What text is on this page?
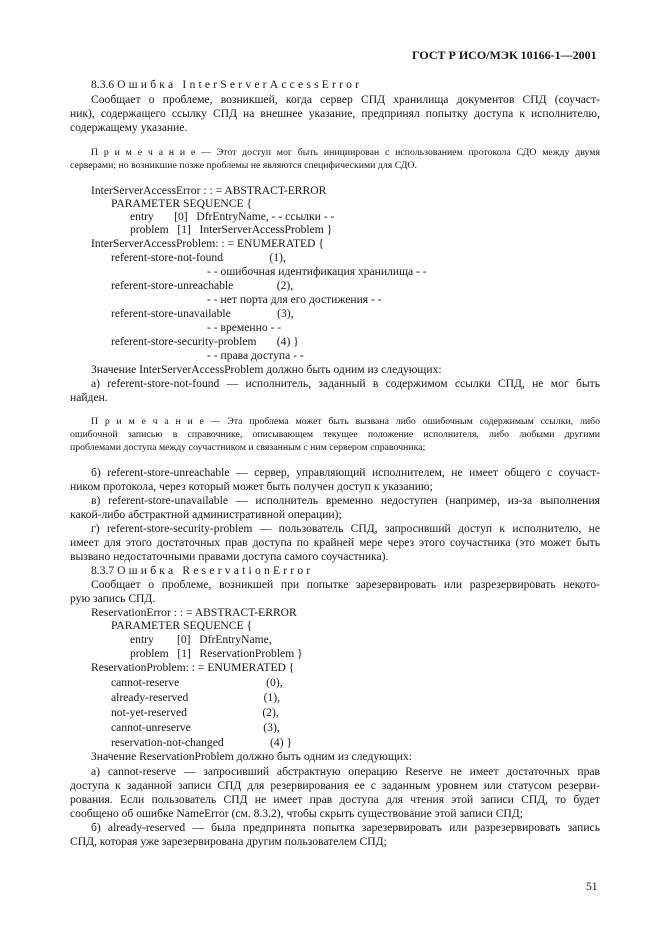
ГОСТ Р ИСО/МЭК 10166-1—2001
8.3.6 Ошибка InterServerAccessError
Сообщает о проблеме, возникшей, когда сервер СПД хранилища документов СПД (соучаст-
ник), содержащего ссылку СПД на внешнее указание, предпринял попытку доступа к исполнителю,
содержащему указание.
П р и м е ч а н и е — Этот доступ мог быть инициирован с использованием протокола СДО между двумя
серверами; но возникшие позже проблемы не являются специфическими для СДО.
InterServerAccessError : : = ABSTRACT-ERROR
PARAMETER SEQUENCE {
entry       [0]   DfrEntryName, - - ссылки - -
problem   [1]   InterServerAccessProblem }
InterServerAccessProblem: : = ENUMERATED {
referent-store-not-found                (1),
- - ошибочная идентификация хранилища - -
referent-store-unreachable               (2),
- - нет порта для его достижения - -
referent-store-unavailable                (3),
- - временно - -
referent-store-security-problem       (4) }
- - права доступа - -
Значение InterServerAccessProblem должно быть одним из следующих:
а) referent-store-not-found — исполнитель, заданный в содержимом ссылки СПД, не мог быть
найден.
П р и м е ч а н и е — Эта проблема может быть вызвана либо ошибочным содержимым ссылки, либо
ошибочной записью в справочнике, описывающем текущее положение исполнителя, либо любыми другими
проблемами доступа между соучастником и связанным с ним сервером справочника;
б) referent-store-unreachable — сервер, управляющий исполнителем, не имеет общего с соучаст-
ником протокола, через который может быть получен доступ к указанию;
в) referent-store-unavailable — исполнитель временно недоступен (например, из-за выполнения
какой-либо абстрактной административной операции);
г) referent-store-security-problem — пользователь СПД, запросивший доступ к исполнителю, не
имеет для этого достаточных прав доступа по крайней мере через этого соучастника (это может быть
вызвано недостаточными правами доступа самого соучастника).
8.3.7 Ошибка ReservationError
Сообщает о проблеме, возникшей при попытке зарезервировать или разрезервировать некото-
рую запись СПД.
ReservationError : : = ABSTRACT-ERROR
PARAMETER SEQUENCE {
entry        [0]   DfrEntryName,
problem   [1]   ReservationProblem }
ReservationProblem: : = ENUMERATED {
cannot-reserve                              (0),
already-reserved                          (1),
not-yet-reserved                          (2),
cannot-unreserve                         (3),
reservation-not-changed                (4) }
Значение ReservationProblem должно быть одним из следующих:
а) cannot-reserve — запросивший абстрактную операцию Reserve не имеет достаточных прав
доступа к заданной записи СПД для резервирования ее с заданным уровнем или статусом резерви-
рования. Если пользователь СПД не имеет прав доступа для чтения этой записи СПД, то будет
сообщено об ошибке NameError (см. 8.3.2), чтобы скрыть существование этой записи СПД;
б) already-reserved — была предпринята попытка зарезервировать или разрезервировать запись
СПД, которая уже зарезервирована другим пользователем СПД;
51
